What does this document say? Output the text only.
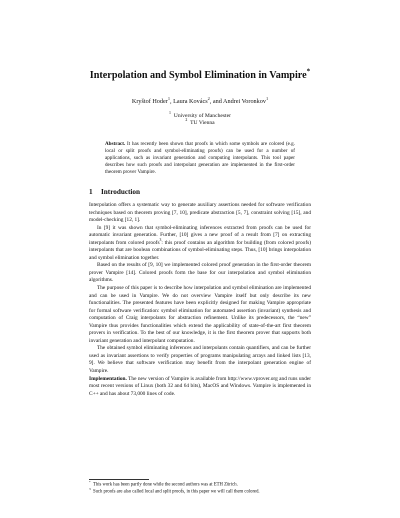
Interpolation and Symbol Elimination in Vampire*
Kryštof Hoder$^1$, Laura Kovács$^2$, and Andrei Voronkov$^1$
$^1$ University of Manchester
$^2$ TU Vienna
Abstract. It has recently been shown that proofs in which some symbols are colored (e.g. local or split proofs and symbol-eliminating proofs) can be used for a number of applications, such as invariant generation and computing interpolants. This tool paper describes how such proofs and interpolant generation are implemented in the first-order theorem prover Vampire.
1 Introduction

Interpolation offers a systematic way to generate auxiliary assertions needed for software verification techniques based on theorem proving [7, 10], predicate abstraction [5, 7], constraint solving [15], and model-checking [12, 1].

In [9] it was shown that symbol-eliminating inferences extracted from proofs can be used for automatic invariant generation. Further, [10] gives a new proof of a result from [7] on extracting interpolants from colored proofs$^3$: this proof contains an algorithm for building (from colored proofs) interpolants that are boolean combinations of symbol-eliminating steps. Thus, [10] brings interpolation and symbol elimination together.

Based on the results of [9, 10] we implemented colored proof generation in the first-order theorem prover Vampire [14]. Colored proofs form the base for our interpolation and symbol elimination algorithms.

The purpose of this paper is to describe how interpolation and symbol elimination are implemented and can be used in Vampire. We do not overview Vampire itself but only describe its new functionalities. The presented features have been explicitly designed for making Vampire appropriate for formal software verification: symbol elimination for automated assertion (invariant) synthesis and computation of Craig interpolants for abstraction refinement. Unlike its predecessors, the “new” Vampire thus provides functionalities which extend the applicability of state-of-the-art first theorem provers in verification. To the best of our knowledge, it is the first theorem prover that supports both invariant generation and interpolant computation.

The obtained symbol eliminating inferences and interpolants contain quantifiers, and can be further used as invariant assertions to verify properties of programs manipulating arrays and linked lists [13, 9]. We believe that software verification may benefit from the interpolant generation engine of Vampire.

Implementation. The new version of Vampire is available from http://www.vprover.org and runs under most recent versions of Linux (both 32 and 64 bits), MacOS and Windows. Vampire is implemented in C++ and has about 73,000 lines of code.

*  This work has been partly done while the second authors was at ETH Zürich.
$^3$  Such proofs are also called local and split proofs, in this paper we will call them colored.
